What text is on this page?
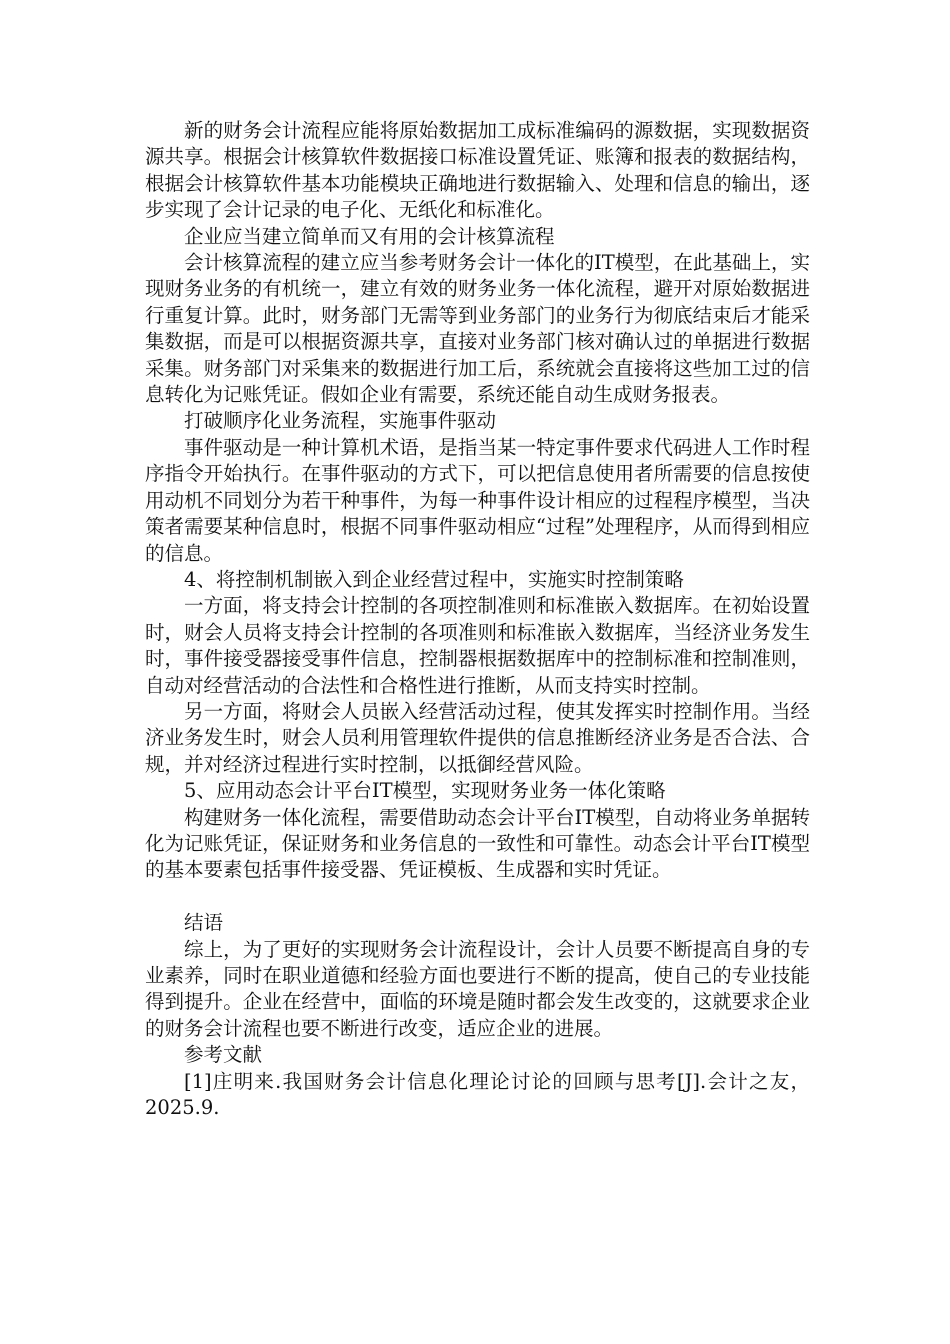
新的财务会计流程应能将原始数据加工成标准编码的源数据，实现数据资源共享。根据会计核算软件数据接口标准设置凭证、账簿和报表的数据结构，根据会计核算软件基本功能模块正确地进行数据输入、处理和信息的输出，逐步实现了会计记录的电子化、无纸化和标准化。

企业应当建立简单而又有用的会计核算流程

会计核算流程的建立应当参考财务会计一体化的IT模型，在此基础上，实现财务业务的有机统一，建立有效的财务业务一体化流程，避开对原始数据进行重复计算。此时，财务部门无需等到业务部门的业务行为彻底结束后才能采集数据，而是可以根据资源共享，直接对业务部门核对确认过的单据进行数据采集。财务部门对采集来的数据进行加工后，系统就会直接将这些加工过的信息转化为记账凭证。假如企业有需要，系统还能自动生成财务报表。

打破顺序化业务流程，实施事件驱动

事件驱动是一种计算机术语，是指当某一特定事件要求代码进人工作时程序指令开始执行。在事件驱动的方式下，可以把信息使用者所需要的信息按使用动机不同划分为若干种事件，为每一种事件设计相应的过程程序模型，当决策者需要某种信息时，根据不同事件驱动相应“过程”处理程序，从而得到相应的信息。

4、将控制机制嵌入到企业经营过程中，实施实时控制策略

一方面，将支持会计控制的各项控制准则和标准嵌入数据库。在初始设置时，财会人员将支持会计控制的各项准则和标准嵌入数据库，当经济业务发生时，事件接受器接受事件信息，控制器根据数据库中的控制标准和控制准则，自动对经营活动的合法性和合格性进行推断，从而支持实时控制。

另一方面，将财会人员嵌入经营活动过程，使其发挥实时控制作用。当经济业务发生时，财会人员利用管理软件提供的信息推断经济业务是否合法、合规，并对经济过程进行实时控制，以抵御经营风险。

5、应用动态会计平台IT模型，实现财务业务一体化策略

构建财务一体化流程，需要借助动态会计平台IT模型，自动将业务单据转化为记账凭证，保证财务和业务信息的一致性和可靠性。动态会计平台IT模型的基本要素包括事件接受器、凭证模板、生成器和实时凭证。

结语

综上，为了更好的实现财务会计流程设计，会计人员要不断提高自身的专业素养，同时在职业道德和经验方面也要进行不断的提高，使自己的专业技能得到提升。企业在经营中，面临的环境是随时都会发生改变的，这就要求企业的财务会计流程也要不断进行改变，适应企业的进展。

参考文献

[1]庄明来.我国财务会计信息化理论讨论的回顾与思考[J].会计之友，2025.9.
